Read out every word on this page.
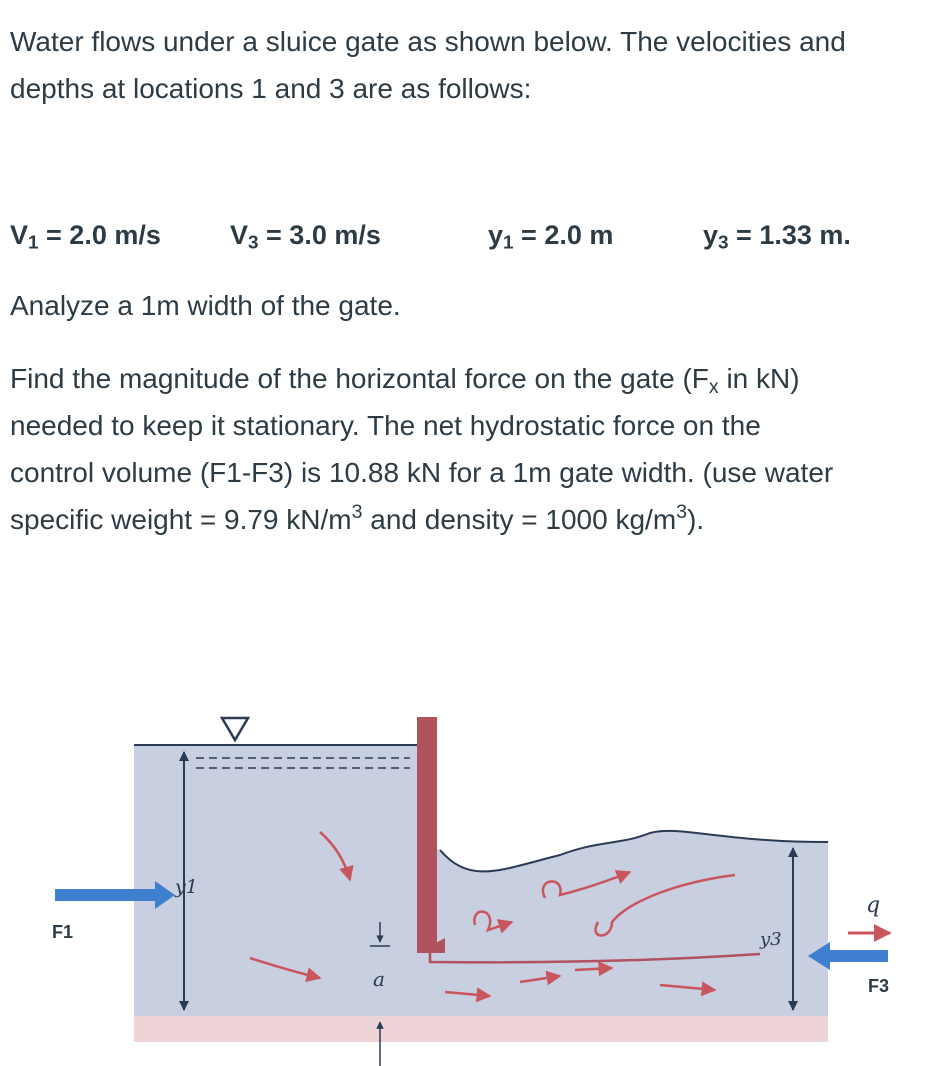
Water flows under a sluice gate as shown below. The velocities and
depths at locations 1 and 3 are as follows:

$V_1 = 2.0$ m/s	$V_3 = 3.0$ m/s	$y_1 = 2.0$ m	$y_3 = 1.33$ m.

Analyze a 1m width of the gate.

Find the magnitude of the horizontal force on the gate ($F_x$ in kN)
needed to keep it stationary. The net hydrostatic force on the
control volume (F1-F3) is 10.88 kN for a 1m gate width. (use water
specific weight = 9.79 $kN/m^3$ and density = 1000 $kg/m^3$).

y1
y3
a
q
F1
F3
